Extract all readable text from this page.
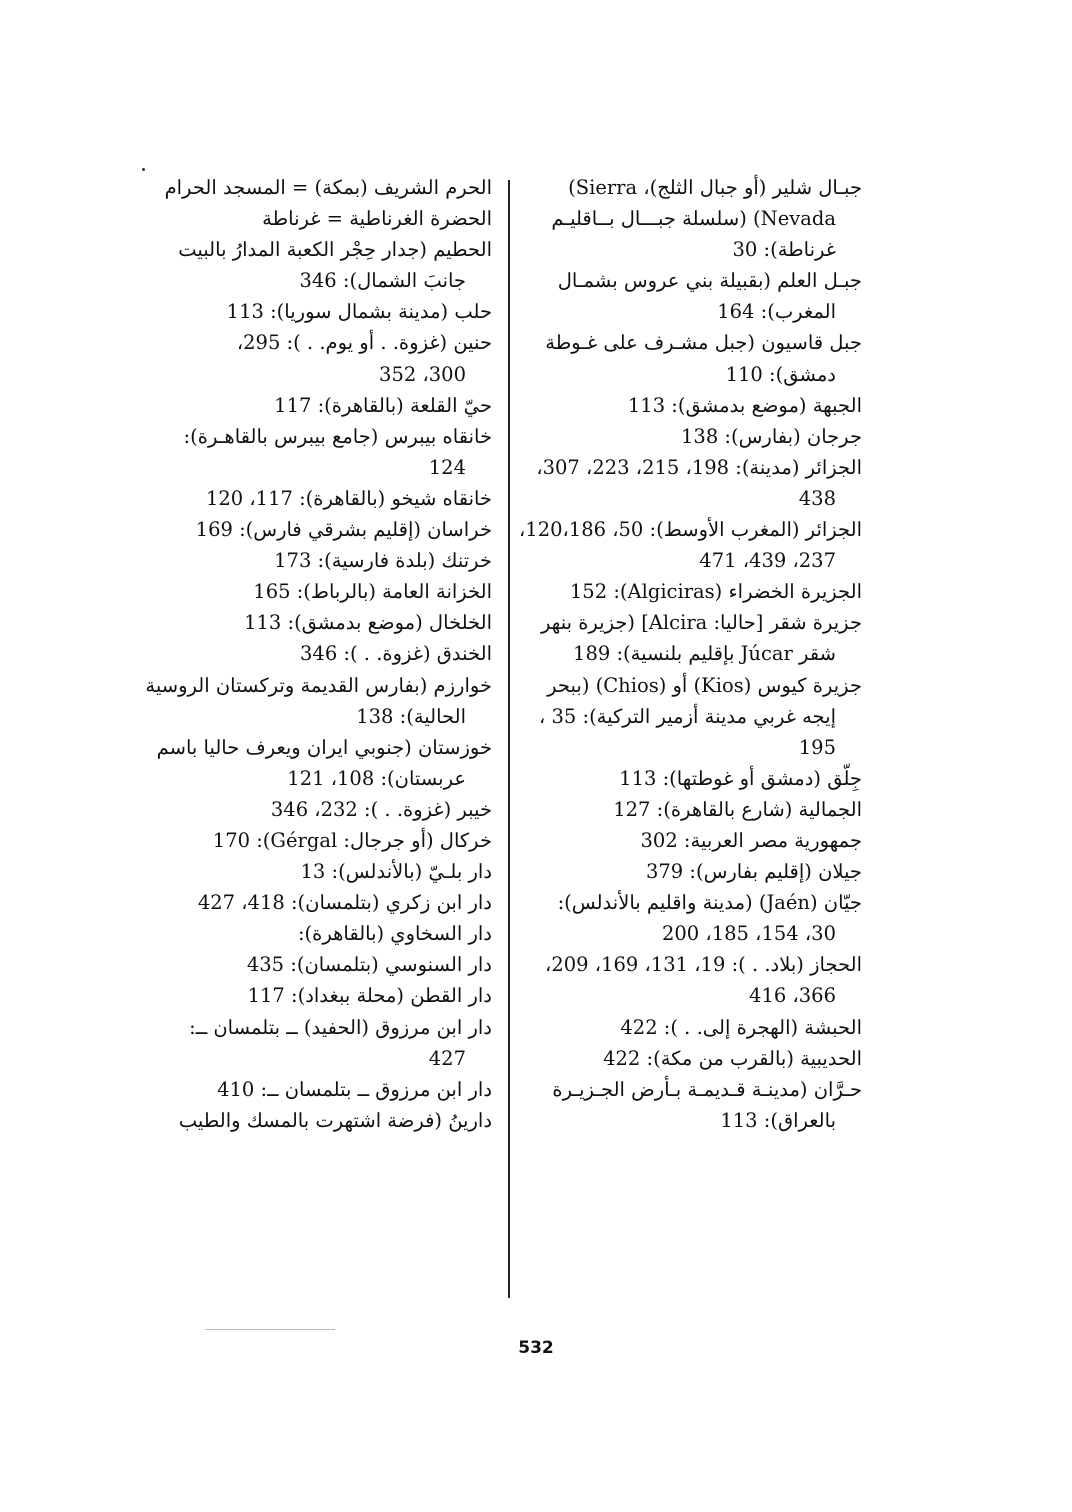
جبـال شلير (أو جبال الثلج)، Sierra)
Nevada) (سلسلة جبـــال بــاقليـم
غرناطة): 30
جبـل العلم (بقبيلة بني عروس بشمـال
المغرب): 164
جبل قاسيون (جبل مشـرف على غـوطة
دمشق): 110
الجبهة (موضع بدمشق): 113
جرجان (بفارس): 138
الجزائر (مدينة): 198، 215، 223، 307،
438
الجزائر (المغرب الأوسط): 50، 120،186،
237، 439، 471
الجزيرة الخضراء (Algiciras): 152
جزيرة شقر [حاليا: Alcira] (جزيرة بنهر
شقر Júcar بإقليم بلنسية): 189
جزيرة كيوس (Kios) أو (Chios) (ببحر
إيجه غربي مدينة أزمير التركية): 35 ،
195
جِلّق (دمشق أو غوطتها): 113
الجمالية (شارع بالقاهرة): 127
جمهورية مصر العربية: 302
جيلان (إقليم بفارس): 379
جيّان (Jaén) (مدينة واقليم بالأندلس):
30، 154، 185، 200
الحجاز (بلاد. . ): 19، 131، 169، 209،
366، 416
الحبشة (الهجرة إلى. . ): 422
الحديبية (بالقرب من مكة): 422
حـرَّان (مدينـة قـديمـة بـأرض الجـزيـرة
بالعراق): 113
الحرم الشريف (بمكة) = المسجد الحرام
الحضرة الغرناطية = غرناطة
الحطيم (جدار حِجْر الكعبة المدارُ بالبيت
جانبَ الشمال): 346
حلب (مدينة بشمال سوريا): 113
حنين (غزوة. . أو يوم. . ): 295،
300، 352
حيّ القلعة (بالقاهرة): 117
خانقاه بيبرس (جامع بيبرس بالقاهـرة):
124
خانقاه شيخو (بالقاهرة): 117، 120
خراسان (إقليم بشرقي فارس): 169
خرتنك (بلدة فارسية): 173
الخزانة العامة (بالرباط): 165
الخلخال (موضع بدمشق): 113
الخندق (غزوة. . ): 346
خوارزم (بفارس القديمة وتركستان الروسية
الحالية): 138
خوزستان (جنوبي ايران ويعرف حاليا باسم
عربستان): 108، 121
خيبر (غزوة. . ): 232، 346
خركال (أو جرجال: Gérgal): 170
دار بلـيّ (بالأندلس): 13
دار ابن زكري (بتلمسان): 418، 427
دار السخاوي (بالقاهرة):
دار السنوسي (بتلمسان): 435
دار القطن (محلة ببغداد): 117
دار ابن مرزوق (الحفيد) ــ بتلمسان ــ:
427
دار ابن مرزوق ــ بتلمسان ــ: 410
دارينُ (فرضة اشتهرت بالمسك والطيب
532
